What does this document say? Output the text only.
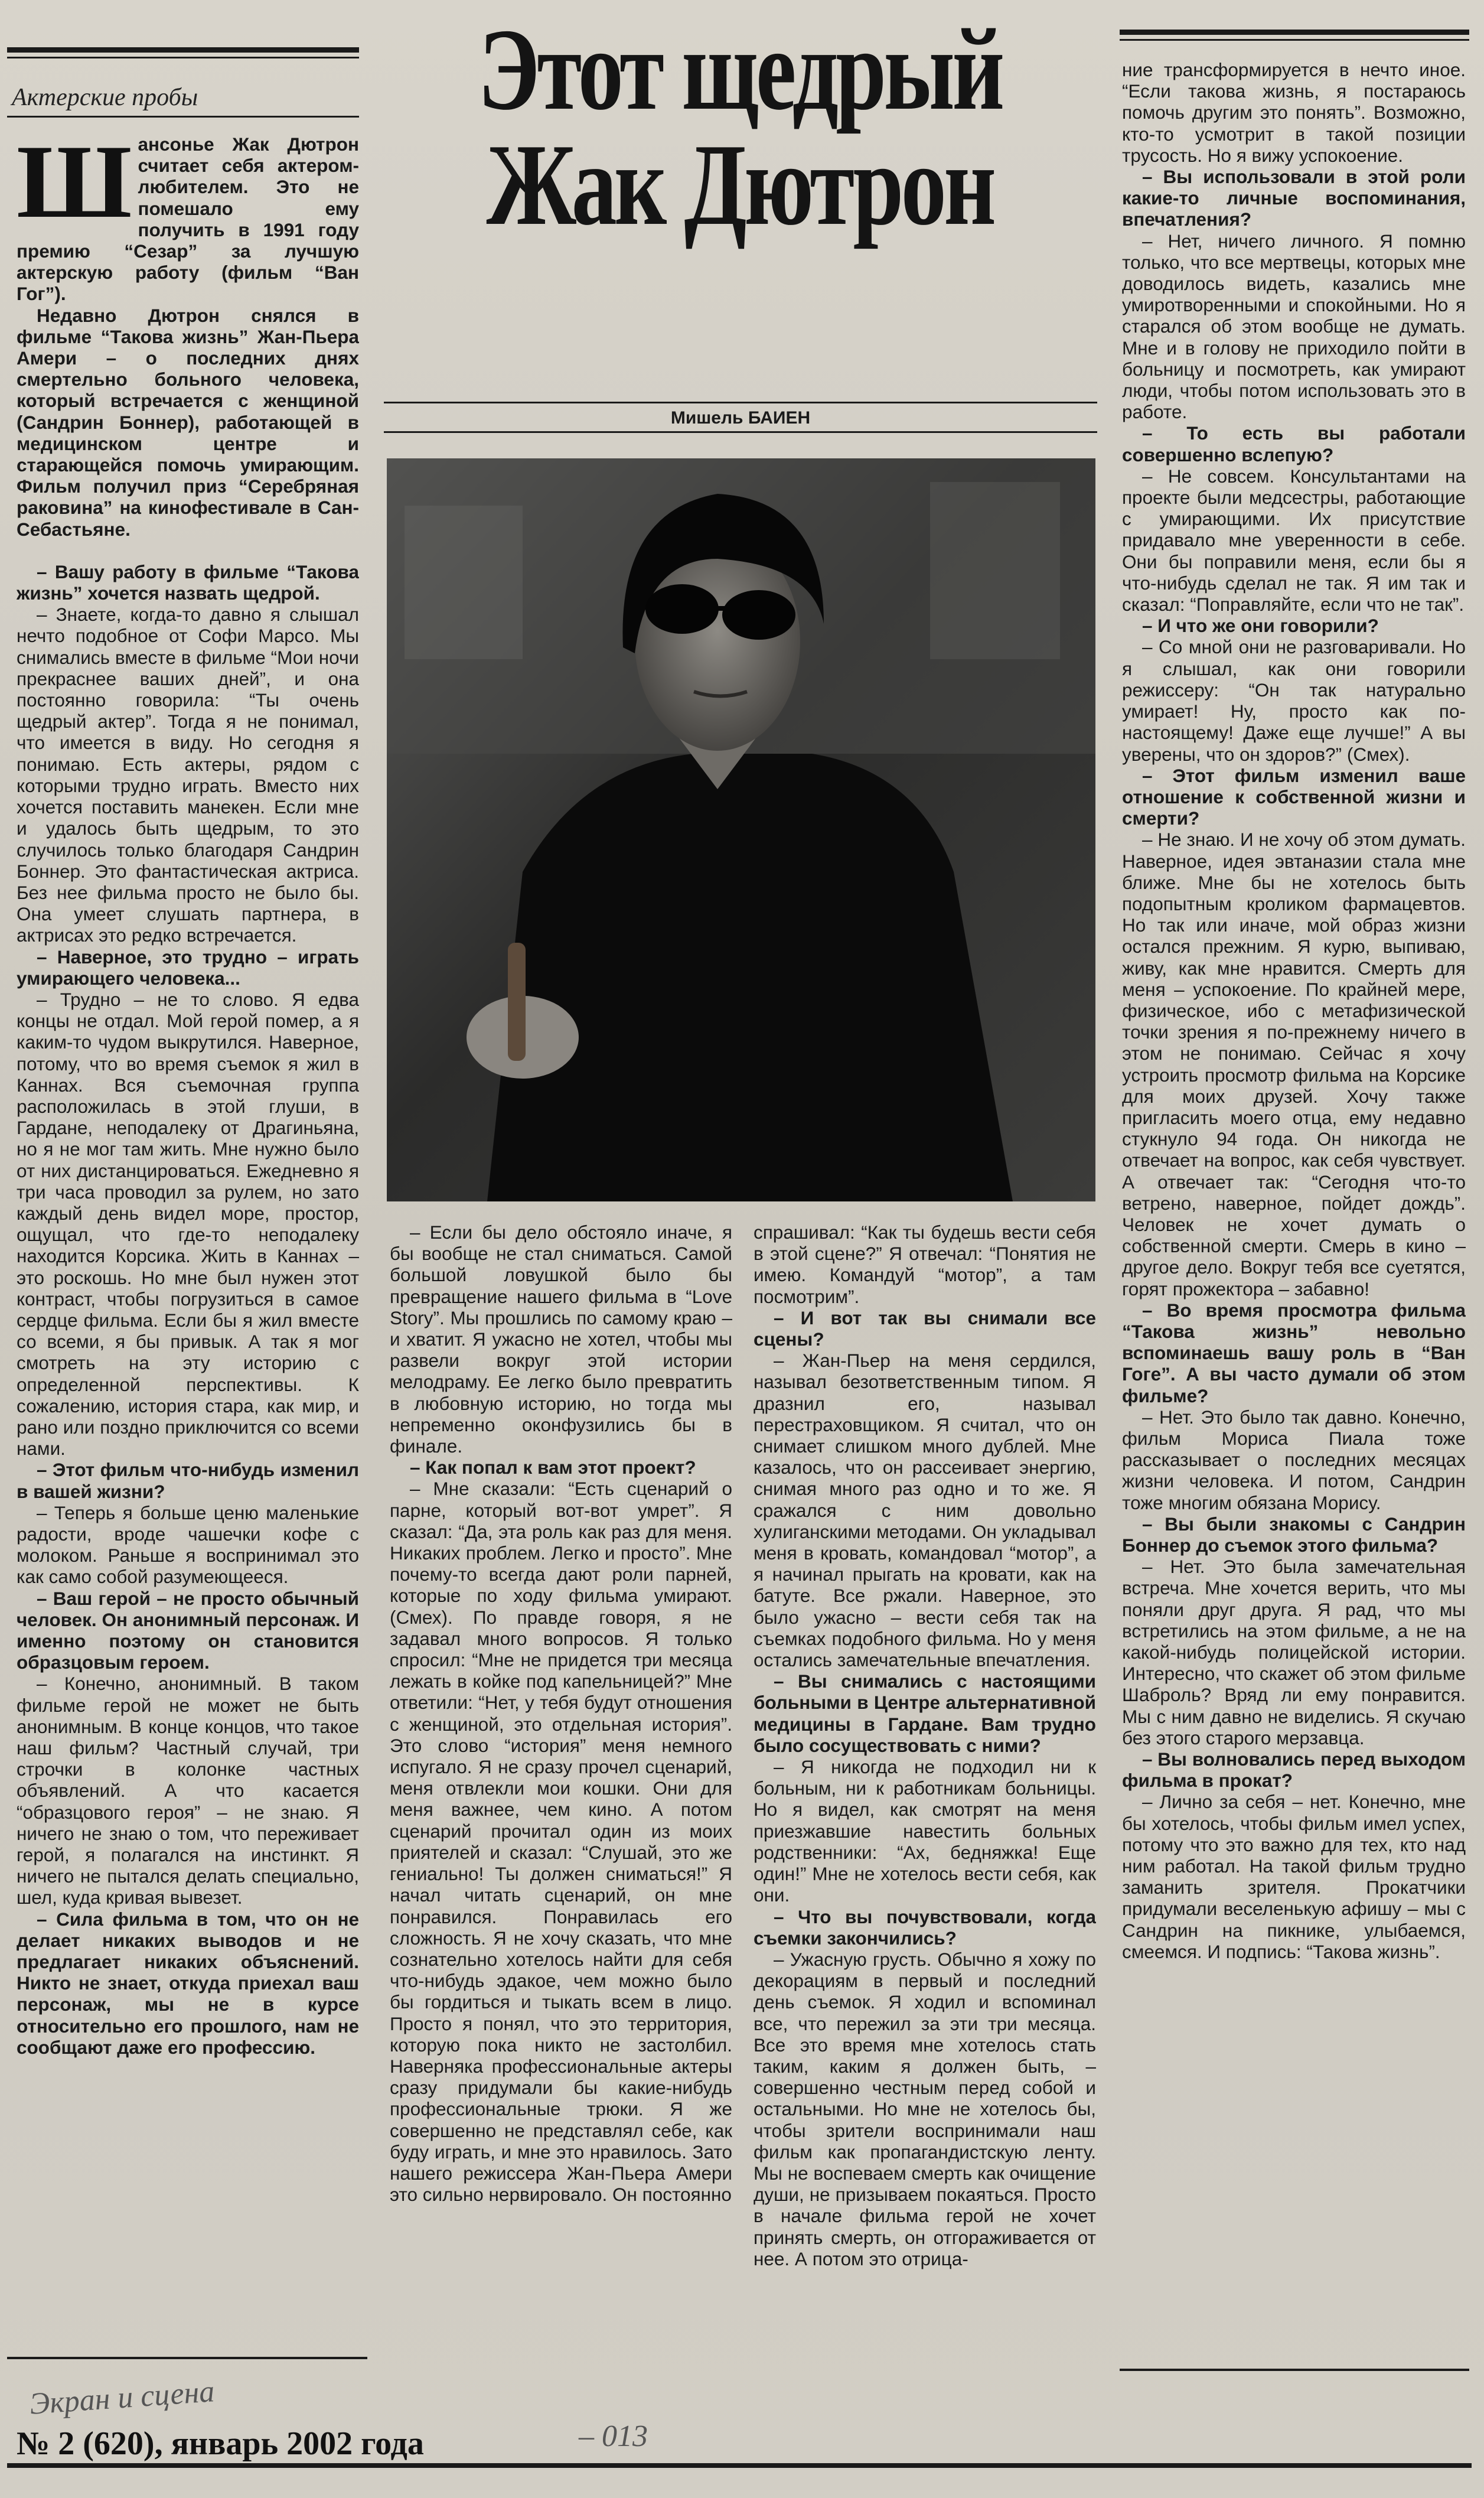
Актерские пробы	Этот щедрый Жак Дютрон
Мишель БАИЕН

Шансонье Жак Дютрон считает себя актером-любителем. Это не помешало ему получить в 1991 году премию “Сезар” за лучшую актерскую работу (фильм “Ван Гог”).

Недавно Дютрон снялся в фильме “Такова жизнь” Жан-Пьера Амери – о последних днях смертельно больного человека, который встречается с женщиной (Сандрин Боннер), работающей в медицинском центре и старающейся помочь умирающим. Фильм получил приз “Серебряная раковина” на кинофестивале в Сан-Себастьяне.

– Вашу работу в фильме “Такова жизнь” хочется назвать щедрой.

– Знаете, когда-то давно я слышал нечто подобное от Софи Марсо. Мы снимались вместе в фильме “Мои ночи прекраснее ваших дней”, и она постоянно говорила: “Ты очень щедрый актер”. Тогда я не понимал, что имеется в виду. Но сегодня я понимаю. Есть актеры, рядом с которыми трудно играть. Вместо них хочется поставить манекен. Если мне и удалось быть щедрым, то это случилось только благодаря Сандрин Боннер. Это фантастическая актриса. Без нее фильма просто не было бы. Она умеет слушать партнера, в актрисах это редко встречается.

– Наверное, это трудно – играть умирающего человека...

– Трудно – не то слово. Я едва концы не отдал. Мой герой помер, а я каким-то чудом выкрутился. Наверное, потому, что во время съемок я жил в Каннах. Вся съемочная группа расположилась в этой глуши, в Гардане, неподалеку от Драгиньяна, но я не мог там жить. Мне нужно было от них дистанцироваться. Ежедневно я три часа проводил за рулем, но зато каждый день видел море, простор, ощущал, что где-то неподалеку находится Корсика. Жить в Каннах – это роскошь. Но мне был нужен этот контраст, чтобы погрузиться в самое сердце фильма. Если бы я жил вместе со всеми, я бы привык. А так я мог смотреть на эту историю с определенной перспективы. К сожалению, история стара, как мир, и рано или поздно приключится со всеми нами.

– Этот фильм что-нибудь изменил в вашей жизни?

– Теперь я больше ценю маленькие радости, вроде чашечки кофе с молоком. Раньше я воспринимал это как само собой разумеющееся.

– Ваш герой – не просто обычный человек. Он анонимный персонаж. И именно поэтому он становится образцовым героем.

– Конечно, анонимный. В таком фильме герой не может не быть анонимным. В конце концов, что такое наш фильм? Частный случай, три строчки в колонке частных объявлений. А что касается “образцового героя” – не знаю. Я ничего не знаю о том, что переживает герой, я полагался на инстинкт. Я ничего не пытался делать специально, шел, куда кривая вывезет.

– Сила фильма в том, что он не делает никаких выводов и не предлагает никаких объяснений. Никто не знает, откуда приехал ваш персонаж, мы не в курсе относительно его прошлого, нам не сообщают даже его профессию.

– Если бы дело обстояло иначе, я бы вообще не стал сниматься. Самой большой ловушкой было бы превращение нашего фильма в “Love Story”. Мы прошлись по самому краю – и хватит. Я ужасно не хотел, чтобы мы развели вокруг этой истории мелодраму. Ее легко было превратить в любовную историю, но тогда мы непременно оконфузились бы в финале.

– Как попал к вам этот проект?

– Мне сказали: “Есть сценарий о парне, который вот-вот умрет”. Я сказал: “Да, эта роль как раз для меня. Никаких проблем. Легко и просто”. Мне почему-то всегда дают роли парней, которые по ходу фильма умирают. (Смех). По правде говоря, я не задавал много вопросов. Я только спросил: “Мне не придется три месяца лежать в койке под капельницей?” Мне ответили: “Нет, у тебя будут отношения с женщиной, это отдельная история”. Это слово “история” меня немного испугало. Я не сразу прочел сценарий, меня отвлекли мои кошки. Они для меня важнее, чем кино. А потом сценарий прочитал один из моих приятелей и сказал: “Слушай, это же гениально! Ты должен сниматься!” Я начал читать сценарий, он мне понравился. Понравилась его сложность. Я не хочу сказать, что мне сознательно хотелось найти для себя что-нибудь эдакое, чем можно было бы гордиться и тыкать всем в лицо. Просто я понял, что это территория, которую пока никто не застолбил. Наверняка профессиональные актеры сразу придумали бы какие-нибудь профессиональные трюки. Я же совершенно не представлял себе, как буду играть, и мне это нравилось. Зато нашего режиссера Жан-Пьера Амери это сильно нервировало. Он постоянно

спрашивал: “Как ты будешь вести себя в этой сцене?” Я отвечал: “Понятия не имею. Командуй “мотор”, а там посмотрим”.

– И вот так вы снимали все сцены?

– Жан-Пьер на меня сердился, называл безответственным типом. Я дразнил его, называл перестраховщиком. Я считал, что он снимает слишком много дублей. Мне казалось, что он рассеивает энергию, снимая много раз одно и то же. Я сражался с ним довольно хулиганскими методами. Он укладывал меня в кровать, командовал “мотор”, а я начинал прыгать на кровати, как на батуте. Все ржали. Наверное, это было ужасно – вести себя так на съемках подобного фильма. Но у меня остались замечательные впечатления.

– Вы снимались с настоящими больными в Центре альтернативной медицины в Гардане. Вам трудно было сосуществовать с ними?

– Я никогда не подходил ни к больным, ни к работникам больницы. Но я видел, как смотрят на меня приезжавшие навестить больных родственники: “Ах, бедняжка! Еще один!” Мне не хотелось вести себя, как они.

– Что вы почувствовали, когда съемки закончились?

– Ужасную грусть. Обычно я хожу по декорациям в первый и последний день съемок. Я ходил и вспоминал все, что пережил за эти три месяца. Все это время мне хотелось стать таким, каким я должен быть, – совершенно честным перед собой и остальными. Но мне не хотелось бы, чтобы зрители воспринимали наш фильм как пропагандистскую ленту. Мы не воспеваем смерть как очищение души, не призываем покаяться. Просто в начале фильма герой не хочет принять смерть, он отгораживается от нее. А потом это отрица-

ние трансформируется в нечто иное. “Если такова жизнь, я постараюсь помочь другим это понять”. Возможно, кто-то усмотрит в такой позиции трусость. Но я вижу успокоение.

– Вы использовали в этой роли какие-то личные воспоминания, впечатления?

– Нет, ничего личного. Я помню только, что все мертвецы, которых мне доводилось видеть, казались мне умиротворенными и спокойными. Но я старался об этом вообще не думать. Мне и в голову не приходило пойти в больницу и посмотреть, как умирают люди, чтобы потом использовать это в работе.

– То есть вы работали совершенно вслепую?

– Не совсем. Консультантами на проекте были медсестры, работающие с умирающими. Их присутствие придавало мне уверенности в себе. Они бы поправили меня, если бы я что-нибудь сделал не так. Я им так и сказал: “Поправляйте, если что не так”.

– И что же они говорили?

– Со мной они не разговаривали. Но я слышал, как они говорили режиссеру: “Он так натурально умирает! Ну, просто как по-настоящему! Даже еще лучше!” А вы уверены, что он здоров?” (Смех).

– Этот фильм изменил ваше отношение к собственной жизни и смерти?

– Не знаю. И не хочу об этом думать. Наверное, идея эвтаназии стала мне ближе. Мне бы не хотелось быть подопытным кроликом фармацевтов. Но так или иначе, мой образ жизни остался прежним. Я курю, выпиваю, живу, как мне нравится. Смерть для меня – успокоение. По крайней мере, физическое, ибо с метафизической точки зрения я по-прежнему ничего в этом не понимаю. Сейчас я хочу устроить просмотр фильма на Корсике для моих друзей. Хочу также пригласить моего отца, ему недавно стукнуло 94 года. Он никогда не отвечает на вопрос, как себя чувствует. А отвечает так: “Сегодня что-то ветрено, наверное, пойдет дождь”. Человек не хочет думать о собственной смерти. Смерь в кино – другое дело. Вокруг тебя все суетятся, горят прожектора – забавно!

– Во время просмотра фильма “Такова жизнь” невольно вспоминаешь вашу роль в “Ван Гоге”. А вы часто думали об этом фильме?

– Нет. Это было так давно. Конечно, фильм Мориса Пиала тоже рассказывает о последних месяцах жизни человека. И потом, Сандрин тоже многим обязана Морису.

– Вы были знакомы с Сандрин Боннер до съемок этого фильма?

– Нет. Это была замечательная встреча. Мне хочется верить, что мы поняли друг друга. Я рад, что мы встретились на этом фильме, а не на какой-нибудь полицейской истории. Интересно, что скажет об этом фильме Шаброль? Вряд ли ему понравится. Мы с ним давно не виделись. Я скучаю без этого старого мерзавца.

– Вы волновались перед выходом фильма в прокат?

– Лично за себя – нет. Конечно, мне бы хотелось, чтобы фильм имел успех, потому что это важно для тех, кто над ним работал. На такой фильм трудно заманить зрителя. Прокатчики придумали веселенькую афишу – мы с Сандрин на пикнике, улыбаемся, смеемся. И подпись: “Такова жизнь”.

Экран и сцена
– 013
№ 2 (620), январь 2002 года
